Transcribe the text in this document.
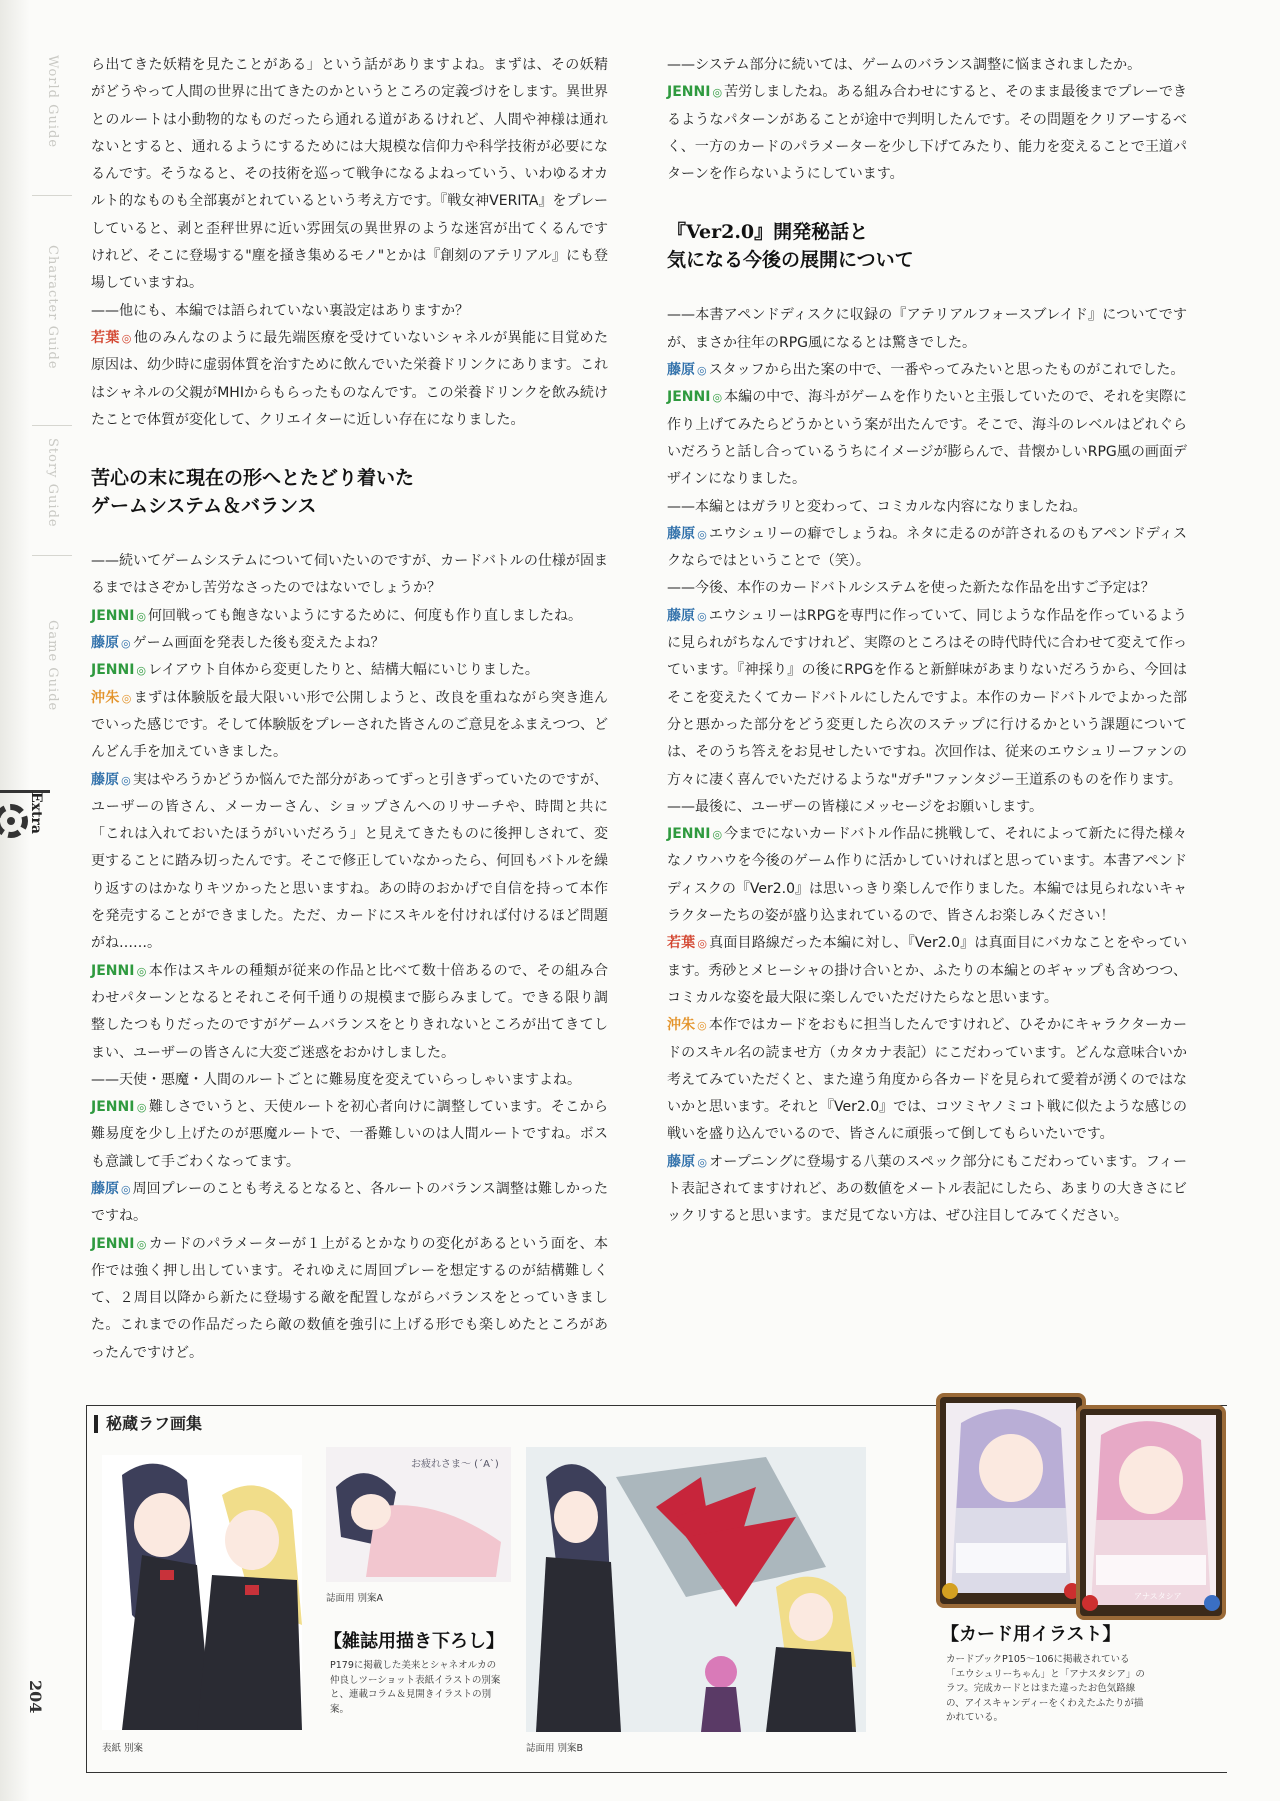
World Guide
Character Guide
Story Guide
Game Guide
Extra
204

ら出てきた妖精を見たことがある」という話がありますよね。まずは、その妖精がどうやって人間の世界に出てきたのかというところの定義づけをします。異世界とのルートは小動物的なものだったら通れる道があるけれど、人間や神様は通れないとすると、通れるようにするためには大規模な信仰力や科学技術が必要になるんです。そうなると、その技術を巡って戦争になるよねっていう、いわゆるオカルト的なものも全部裏がとれているという考え方です。『戦女神VERITA』をプレーしていると、剥と歪秤世界に近い雰囲気の異世界のような迷宮が出てくるんですけれど、そこに登場する"塵を掻き集めるモノ"とかは『創刻のアテリアル』にも登場していますね。

——他にも、本編では語られていない裏設定はありますか？

若葉 ◎ 他のみんなのように最先端医療を受けていないシャネルが異能に目覚めた原因は、幼少時に虚弱体質を治すために飲んでいた栄養ドリンクにあります。これはシャネルの父親がMHIからもらったものなんです。この栄養ドリンクを飲み続けたことで体質が変化して、クリエイターに近しい存在になりました。

苦心の末に現在の形へとたどり着いた
ゲームシステム＆バランス

——続いてゲームシステムについて伺いたいのですが、カードバトルの仕様が固まるまではさぞかし苦労なさったのではないでしょうか？

JENNI ◎ 何回戦っても飽きないようにするために、何度も作り直しましたね。

藤原 ◎ ゲーム画面を発表した後も変えたよね？

JENNI ◎ レイアウト自体から変更したりと、結構大幅にいじりました。

沖朱 ◎ まずは体験版を最大限いい形で公開しようと、改良を重ねながら突き進んでいった感じです。そして体験版をプレーされた皆さんのご意見をふまえつつ、どんどん手を加えていきました。

藤原 ◎ 実はやろうかどうか悩んでた部分があってずっと引きずっていたのですが、ユーザーの皆さん、メーカーさん、ショップさんへのリサーチや、時間と共に「これは入れておいたほうがいいだろう」と見えてきたものに後押しされて、変更することに踏み切ったんです。そこで修正していなかったら、何回もバトルを繰り返すのはかなりキツかったと思いますね。あの時のおかげで自信を持って本作を発売することができました。ただ、カードにスキルを付ければ付けるほど問題がね……。

JENNI ◎ 本作はスキルの種類が従来の作品と比べて数十倍あるので、その組み合わせパターンとなるとそれこそ何千通りの規模まで膨らみまして。できる限り調整したつもりだったのですがゲームバランスをとりきれないところが出てきてしまい、ユーザーの皆さんに大変ご迷惑をおかけしました。

——天使・悪魔・人間のルートごとに難易度を変えていらっしゃいますよね。

JENNI ◎ 難しさでいうと、天使ルートを初心者向けに調整しています。そこから難易度を少し上げたのが悪魔ルートで、一番難しいのは人間ルートですね。ボスも意識して手ごわくなってます。

藤原 ◎ 周回プレーのことも考えるとなると、各ルートのバランス調整は難しかったですね。

JENNI ◎ カードのパラメーターが１上がるとかなりの変化があるという面を、本作では強く押し出しています。それゆえに周回プレーを想定するのが結構難しくて、２周目以降から新たに登場する敵を配置しながらバランスをとっていきました。これまでの作品だったら敵の数値を強引に上げる形でも楽しめたところがあったんですけど。

——システム部分に続いては、ゲームのバランス調整に悩まされましたか。

JENNI ◎ 苦労しましたね。ある組み合わせにすると、そのまま最後までプレーできるようなパターンがあることが途中で判明したんです。その問題をクリアーするべく、一方のカードのパラメーターを少し下げてみたり、能力を変えることで王道パターンを作らないようにしています。

『Ver2.0』開発秘話と
気になる今後の展開について

——本書アペンドディスクに収録の『アテリアルフォースブレイド』についてですが、まさか往年のRPG風になるとは驚きでした。

藤原 ◎ スタッフから出た案の中で、一番やってみたいと思ったものがこれでした。

JENNI ◎ 本編の中で、海斗がゲームを作りたいと主張していたので、それを実際に作り上げてみたらどうかという案が出たんです。そこで、海斗のレベルはどれぐらいだろうと話し合っているうちにイメージが膨らんで、昔懐かしいRPG風の画面デザインになりました。

——本編とはガラリと変わって、コミカルな内容になりましたね。

藤原 ◎ エウシュリーの癖でしょうね。ネタに走るのが許されるのもアペンドディスクならではということで（笑）。

——今後、本作のカードバトルシステムを使った新たな作品を出すご予定は？

藤原 ◎ エウシュリーはRPGを専門に作っていて、同じような作品を作っているように見られがちなんですけれど、実際のところはその時代時代に合わせて変えて作っています。『神採り』の後にRPGを作ると新鮮味があまりないだろうから、今回はそこを変えたくてカードバトルにしたんですよ。本作のカードバトルでよかった部分と悪かった部分をどう変更したら次のステップに行けるかという課題については、そのうち答えをお見せしたいですね。次回作は、従来のエウシュリーファンの方々に凄く喜んでいただけるような"ガチ"ファンタジー王道系のものを作ります。

——最後に、ユーザーの皆様にメッセージをお願いします。

JENNI ◎ 今までにないカードバトル作品に挑戦して、それによって新たに得た様々なノウハウを今後のゲーム作りに活かしていければと思っています。本書アペンドディスクの『Ver2.0』は思いっきり楽しんで作りました。本編では見られないキャラクターたちの姿が盛り込まれているので、皆さんお楽しみください！

若葉 ◎ 真面目路線だった本編に対し、『Ver2.0』は真面目にバカなことをやっています。秀砂とメヒーシャの掛け合いとか、ふたりの本編とのギャップも含めつつ、コミカルな姿を最大限に楽しんでいただけたらなと思います。

沖朱 ◎ 本作ではカードをおもに担当したんですけれど、ひそかにキャラクターカードのスキル名の読ませ方（カタカナ表記）にこだわっています。どんな意味合いか考えてみていただくと、また違う角度から各カードを見られて愛着が湧くのではないかと思います。それと『Ver2.0』では、コツミヤノミコト戦に似たような感じの戦いを盛り込んでいるので、皆さんに頑張って倒してもらいたいです。

藤原 ◎ オープニングに登場する八葉のスペック部分にもこだわっています。フィート表記されてますけれど、あの数値をメートル表記にしたら、あまりの大きさにビックリすると思います。まだ見てない方は、ぜひ注目してみてください。

秘蔵ラフ画集
表紙 別案
お疲れさま〜 (´A`)
誌面用 別案A
【雑誌用描き下ろし】
P179に掲載した美来とシャネオルカの仲良しツーショット表紙イラストの別案と、連載コラム＆見開きイラストの別案。
誌面用 別案B
アナスタシア
【カード用イラスト】
カードブックP105〜106に掲載されている「エウシュリーちゃん」と「アナスタシア」のラフ。完成カードとはまた違ったお色気路線の、アイスキャンディーをくわえたふたりが描かれている。
